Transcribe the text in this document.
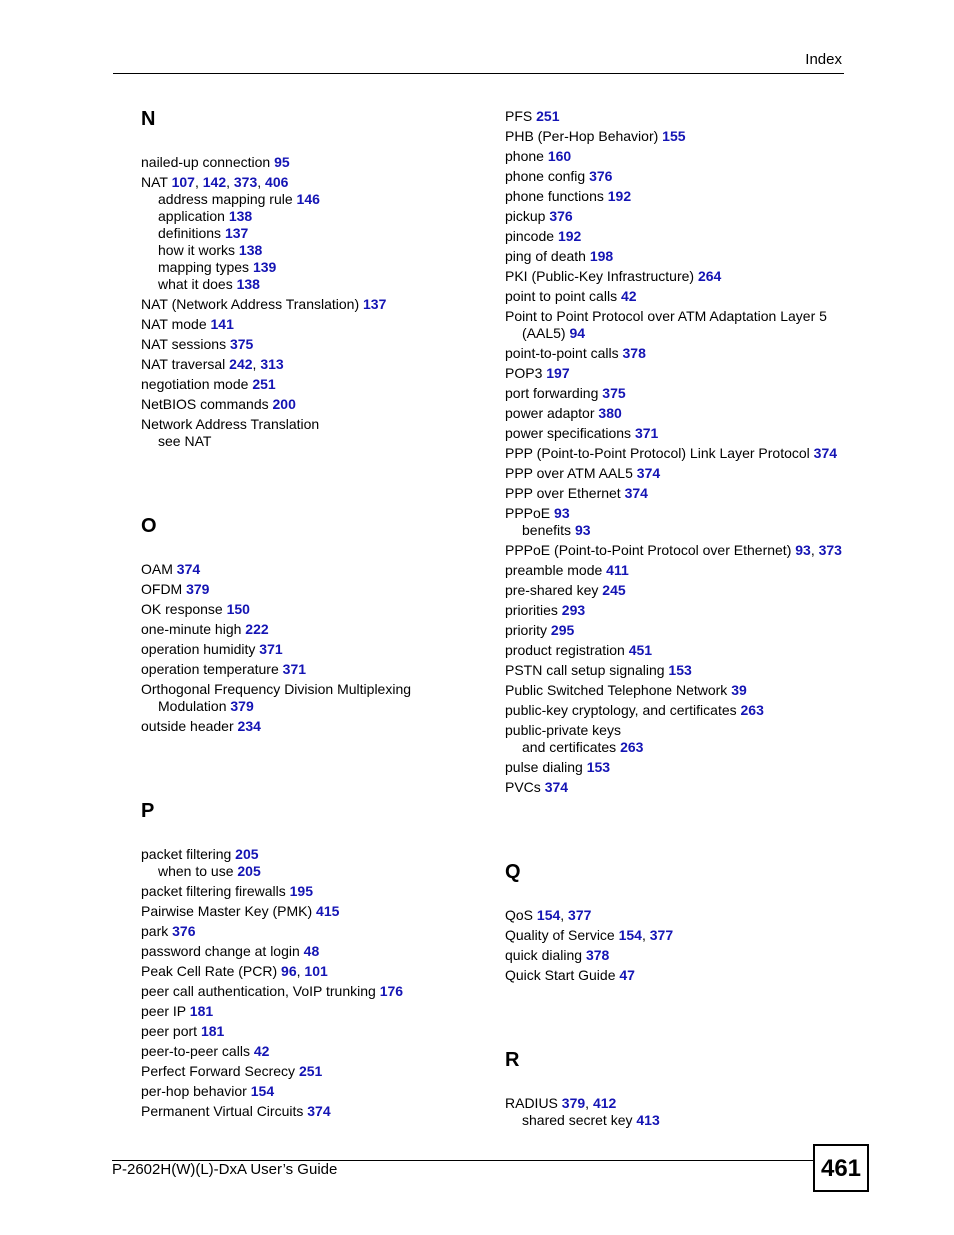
Index
N
nailed-up connection 95
NAT 107, 142, 373, 406
address mapping rule 146
application 138
definitions 137
how it works 138
mapping types 139
what it does 138
NAT (Network Address Translation) 137
NAT mode 141
NAT sessions 375
NAT traversal 242, 313
negotiation mode 251
NetBIOS commands 200
Network Address Translation
see NAT
O
OAM 374
OFDM 379
OK response 150
one-minute high 222
operation humidity 371
operation temperature 371
Orthogonal Frequency Division Multiplexing
Modulation 379
outside header 234
P
packet filtering 205
when to use 205
packet filtering firewalls 195
Pairwise Master Key (PMK) 415
park 376
password change at login 48
Peak Cell Rate (PCR) 96, 101
peer call authentication, VoIP trunking 176
peer IP 181
peer port 181
peer-to-peer calls 42
Perfect Forward Secrecy 251
per-hop behavior 154
Permanent Virtual Circuits 374
PFS 251
PHB (Per-Hop Behavior) 155
phone 160
phone config 376
phone functions 192
pickup 376
pincode 192
ping of death 198
PKI (Public-Key Infrastructure) 264
point to point calls 42
Point to Point Protocol over ATM Adaptation Layer 5
(AAL5) 94
point-to-point calls 378
POP3 197
port forwarding 375
power adaptor 380
power specifications 371
PPP (Point-to-Point Protocol) Link Layer Protocol 374
PPP over ATM AAL5 374
PPP over Ethernet 374
PPPoE 93
benefits 93
PPPoE (Point-to-Point Protocol over Ethernet) 93, 373
preamble mode 411
pre-shared key 245
priorities 293
priority 295
product registration 451
PSTN call setup signaling 153
Public Switched Telephone Network 39
public-key cryptology, and certificates 263
public-private keys
and certificates 263
pulse dialing 153
PVCs 374
Q
QoS 154, 377
Quality of Service 154, 377
quick dialing 378
Quick Start Guide 47
R
RADIUS 379, 412
shared secret key 413
P-2602H(W)(L)-DxA User’s Guide	461
